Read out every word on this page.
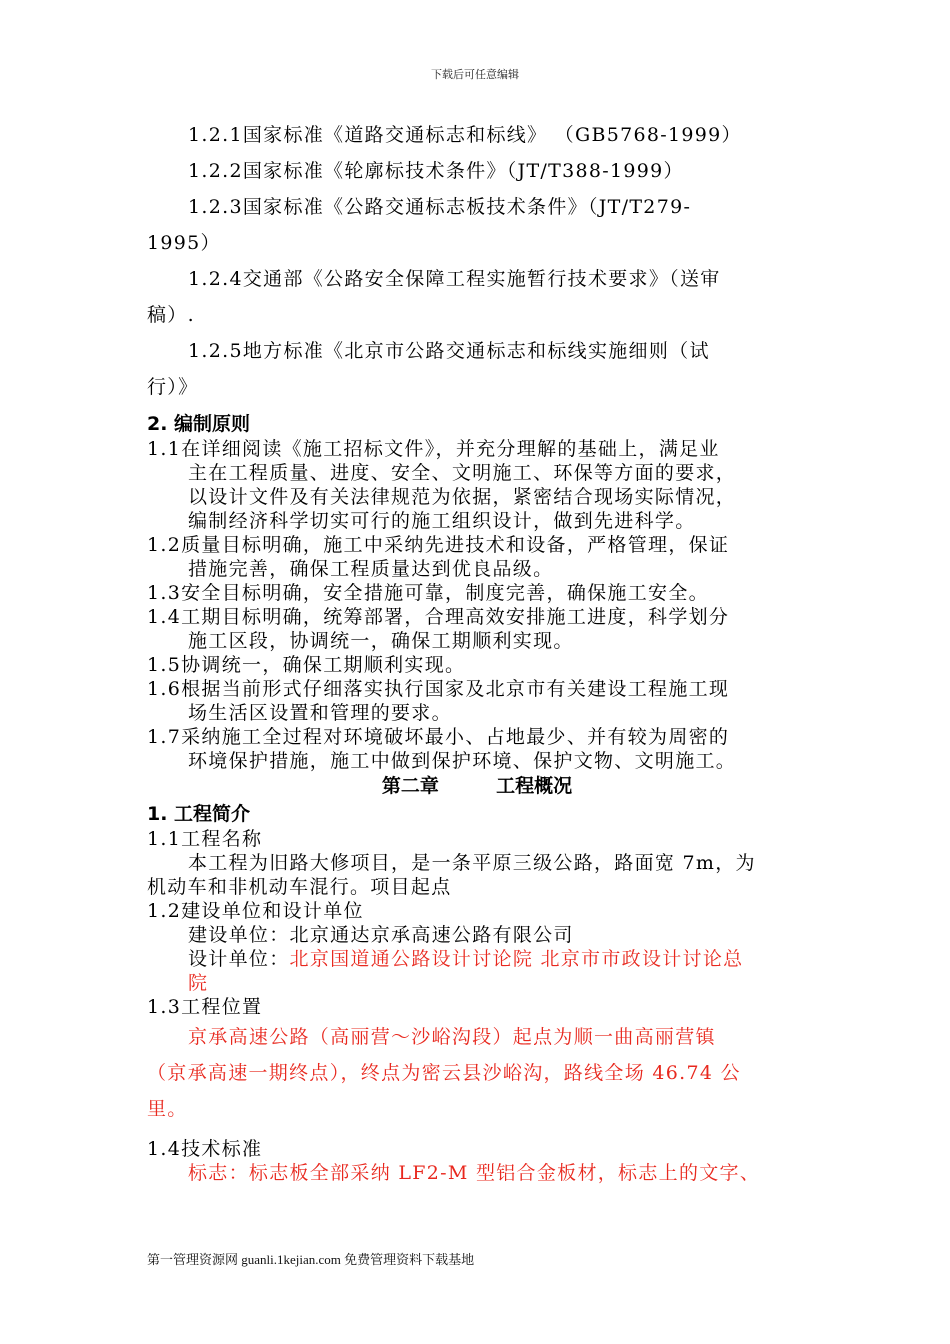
下载后可任意编辑

1.2.1国家标准《道路交通标志和标线》 （GB5768-1999）

1.2.2国家标准《轮廓标技术条件》（JT/T388-1999）

1.2.3国家标准《公路交通标志板技术条件》（JT/T279-
1995）

1.2.4交通部《公路安全保障工程实施暂行技术要求》（送审
稿）.

1.2.5地方标准《北京市公路交通标志和标线实施细则（试
行）》

2. 编制原则

1.1在详细阅读《施工招标文件》，并充分理解的基础上，满足业
主在工程质量、进度、安全、文明施工、环保等方面的要求，
以设计文件及有关法律规范为依据，紧密结合现场实际情况，
编制经济科学切实可行的施工组织设计，做到先进科学。

1.2质量目标明确，施工中采纳先进技术和设备，严格管理，保证
措施完善，确保工程质量达到优良品级。

1.3安全目标明确，安全措施可靠，制度完善，确保施工安全。

1.4工期目标明确，统筹部署，合理高效安排施工进度，科学划分
施工区段，协调统一，确保工期顺利实现。

1.5协调统一，确保工期顺利实现。

1.6根据当前形式仔细落实执行国家及北京市有关建设工程施工现
场生活区设置和管理的要求。

1.7采纳施工全过程对环境破坏最小、占地最少、并有较为周密的
环境保护措施，施工中做到保护环境、保护文物、文明施工。

第二章	工程概况
1. 工程简介

1.1工程名称

本工程为旧路大修项目，是一条平原三级公路，路面宽 7m，为
机动车和非机动车混行。项目起点

1.2建设单位和设计单位

建设单位：北京通达京承高速公路有限公司

设计单位：北京国道通公路设计讨论院 北京市市政设计讨论总
院

1.3工程位置

京承高速公路（高丽营～沙峪沟段）起点为顺一曲高丽营镇
（京承高速一期终点），终点为密云县沙峪沟，路线全场 46.74 公
里。

1.4技术标准

标志：标志板全部采纳 LF2-M 型铝合金板材，标志上的文字、

第一管理资源网 guanli.1kejian.com 免费管理资料下载基地
